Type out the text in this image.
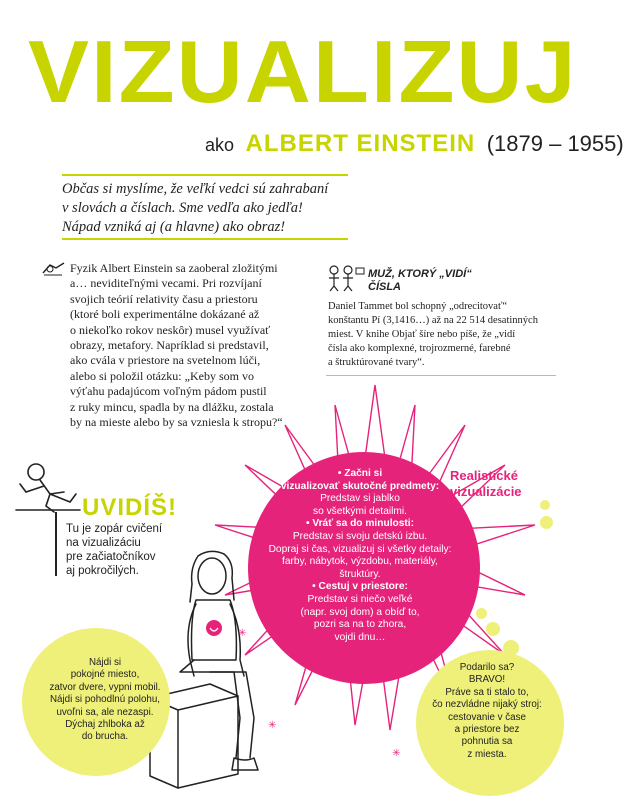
VIZUALIZUJ
ako ALBERT EINSTEIN (1879 – 1955)
Občas si myslíme, že veľkí vedci sú zahrabaní
v slovách a číslach. Sme vedľa ako jedľa!
Nápad vzniká aj (a hlavne) ako obraz!
Fyzik Albert Einstein sa zaoberal zložitými
a… neviditeľnými vecami. Pri rozvíjaní
svojich teórií relativity času a priestoru
(ktoré boli experimentálne dokázané až
o niekoľko rokov neskôr) musel využívať
obrazy, metafory. Napríklad si predstavil,
ako cválа v priestore na svetelnom lúči,
alebo si položil otázku: „Keby som vo
výťahu padajúcom voľným pádom pustil
z ruky mincu, spadla by na dlážku, zostala
by na mieste alebo by sa vzniesla k stropu?“
MUŽ, KTORÝ „VIDÍ“
ČÍSLA
Daniel Tammet bol schopný „odrecitovať“
konštantu Pí (3,1416…) až na 22 514 desatinných
miest. V knihe Objať šíre nebo píše, že „vidí
čísla ako komplexné, trojrozmerné, farebné
a štruktúrované tvary“.
• Začni si
vizualizovať skutočné predmety:
Predstav si jablko
so všetkými detailmi.
• Vráť sa do minulosti:
Predstav si svoju detskú izbu.
Dopraj si čas, vizualizuj si všetky detaily:
farby, nábytok, výzdobu, materiály,
štruktúry.
• Cestuj v priestore:
Predstav si niečo veľké
(napr. svoj dom) a obíď to,
pozri sa na to zhora,
vojdi dnu…
Realistické
vizualizácie
UVIDÍŠ!
Tu je zopár cvičení
na vizualizáciu
pre začiatočníkov
aj pokročilých.
Nájdi si
pokojné miesto,
zatvor dvere, vypni mobil.
Nájdi si pohodlnú polohu,
uvoľni sa, ale nezaspi.
Dýchaj zhlboka až
do brucha.
Podarilo sa?
BRAVO!
Práve sa ti stalo to,
čo nezvládne nijaký stroj:
cestovanie v čase
a priestore bez
pohnutia sa
z miesta.
✳
✳
✳
